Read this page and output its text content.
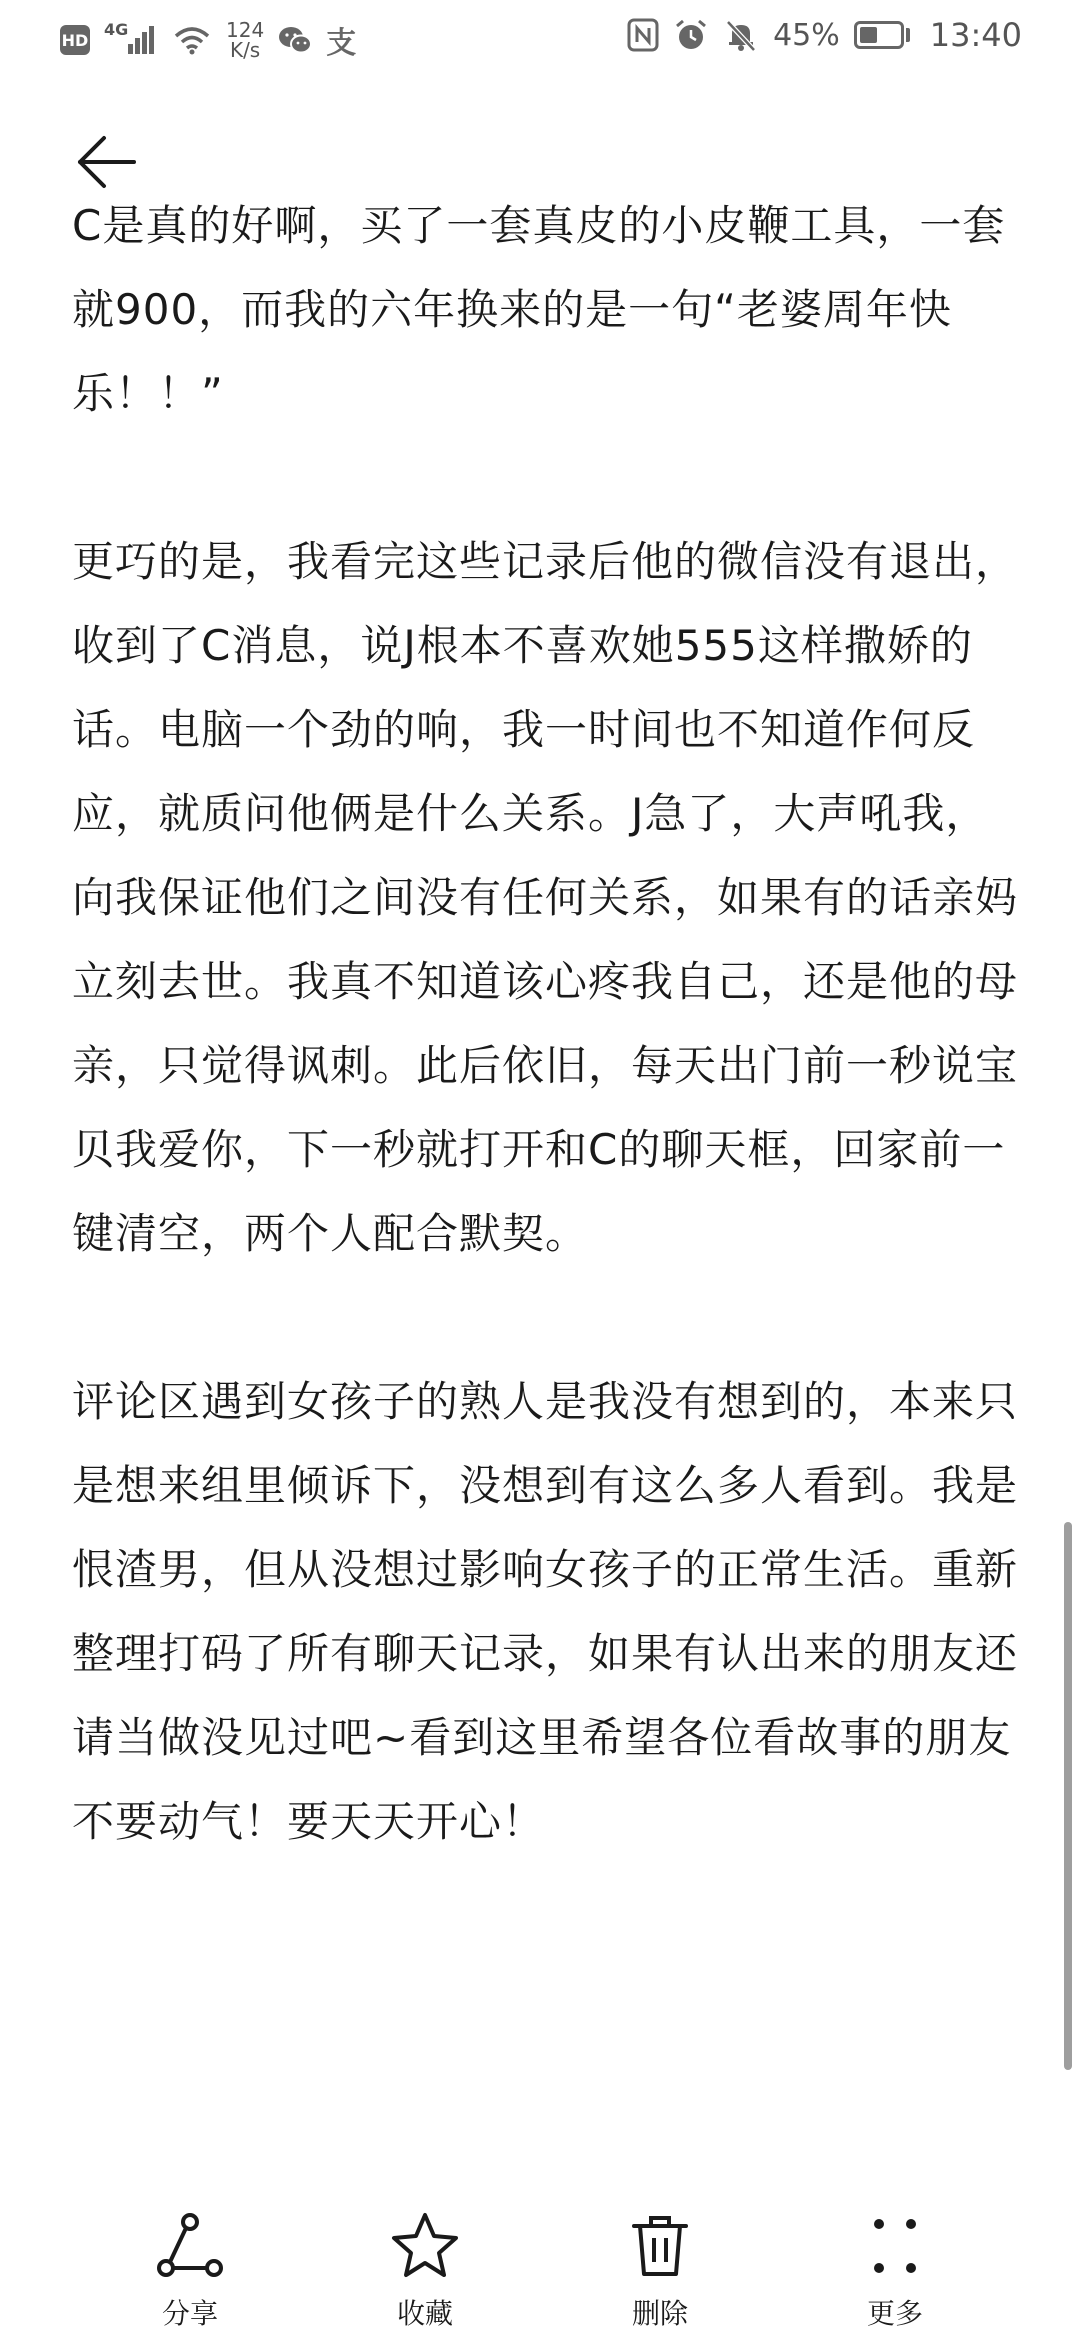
HD
4G	124
K/s 支	45%	13:40

C是真的好啊，买了一套真皮的小皮鞭工具，一套就900，而我的六年换来的是一句“老婆周年快乐！！”

更巧的是，我看完这些记录后他的微信没有退出，收到了C消息，说J根本不喜欢她555这样撒娇的话。电脑一个劲的响，我一时间也不知道作何反应，就质问他俩是什么关系。J急了，大声吼我，向我保证他们之间没有任何关系，如果有的话亲妈立刻去世。我真不知道该心疼我自己，还是他的母亲，只觉得讽刺。此后依旧，每天出门前一秒说宝贝我爱你，下一秒就打开和C的聊天框，回家前一键清空，两个人配合默契。

评论区遇到女孩子的熟人是我没有想到的，本来只是想来组里倾诉下，没想到有这么多人看到。我是恨渣男，但从没想过影响女孩子的正常生活。重新整理打码了所有聊天记录，如果有认出来的朋友还请当做没见过吧~看到这里希望各位看故事的朋友不要动气！要天天开心！

分享	收藏	删除	更多
